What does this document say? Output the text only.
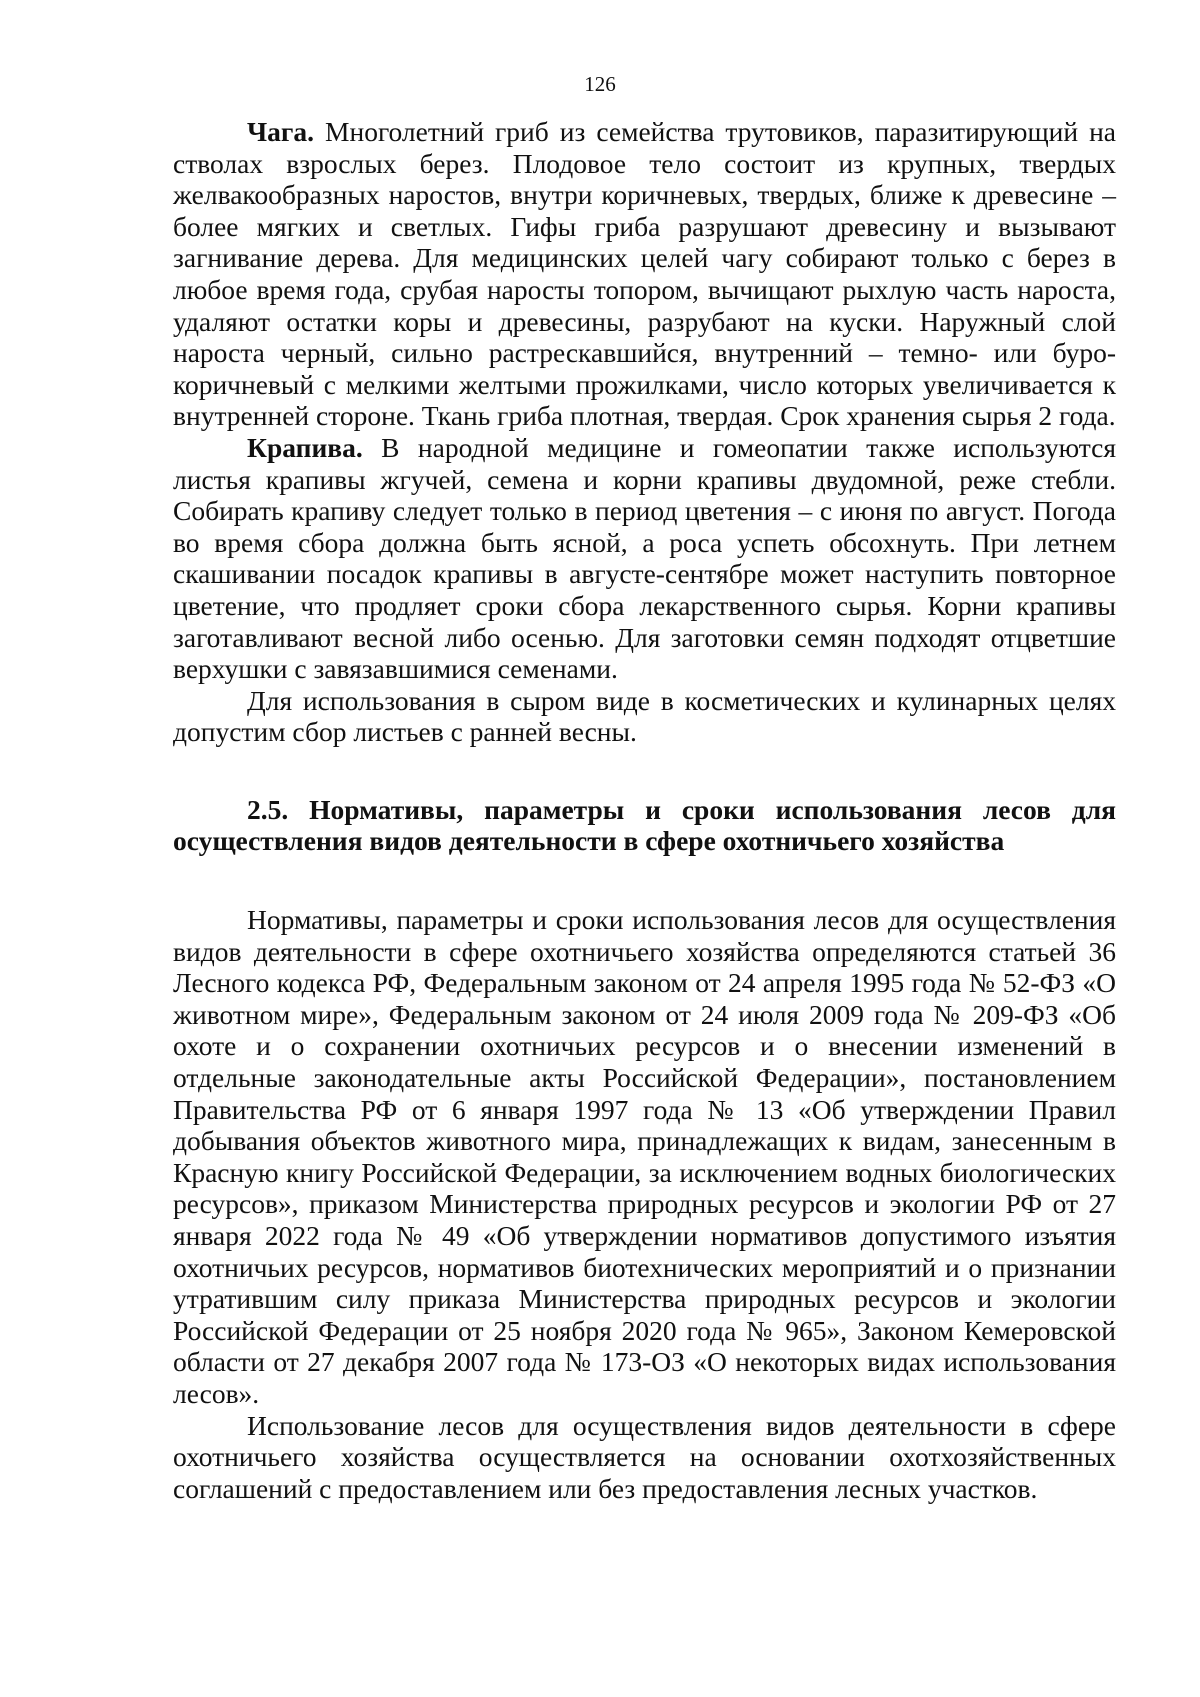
126

Чага. Многолетний гриб из семейства трутовиков, паразитирующий на стволах взрослых берез. Плодовое тело состоит из крупных, твердых желвакообразных наростов, внутри коричневых, твердых, ближе к древесине – более мягких и светлых. Гифы гриба разрушают древесину и вызывают загнивание дерева. Для медицинских целей чагу собирают только с берез в любое время года, срубая наросты топором, вычищают рыхлую часть нароста, удаляют остатки коры и древесины, разрубают на куски. Наружный слой нароста черный, сильно растрескавшийся, внутренний – темно- или буро-коричневый с мелкими желтыми прожилками, число которых увеличивается к внутренней стороне. Ткань гриба плотная, твердая. Срок хранения сырья 2 года.

Крапива. В народной медицине и гомеопатии также используются листья крапивы жгучей, семена и корни крапивы двудомной, реже стебли. Собирать крапиву следует только в период цветения – с июня по август. Погода во время сбора должна быть ясной, а роса успеть обсохнуть. При летнем скашивании посадок крапивы в августе-сентябре может наступить повторное цветение, что продляет сроки сбора лекарственного сырья. Корни крапивы заготавливают весной либо осенью. Для заготовки семян подходят отцветшие верхушки с завязавшимися семенами.

Для использования в сыром виде в косметических и кулинарных целях допустим сбор листьев с ранней весны.

2.5. Нормативы, параметры и сроки использования лесов для осуществления видов деятельности в сфере охотничьего хозяйства

Нормативы, параметры и сроки использования лесов для осуществления видов деятельности в сфере охотничьего хозяйства определяются статьей 36 Лесного кодекса РФ, Федеральным законом от 24 апреля 1995 года № 52-ФЗ «О животном мире», Федеральным законом от 24 июля 2009 года № 209-ФЗ «Об охоте и о сохранении охотничьих ресурсов и о внесении изменений в отдельные законодательные акты Российской Федерации», постановлением Правительства РФ от 6 января 1997 года № 13 «Об утверждении Правил добывания объектов животного мира, принадлежащих к видам, занесенным в Красную книгу Российской Федерации, за исключением водных биологических ресурсов», приказом Министерства природных ресурсов и экологии РФ от 27 января 2022 года № 49 «Об утверждении нормативов допустимого изъятия охотничьих ресурсов, нормативов биотехнических мероприятий и о признании утратившим силу приказа Министерства природных ресурсов и экологии Российской Федерации от 25 ноября 2020 года № 965», Законом Кемеровской области от 27 декабря 2007 года № 173-ОЗ «О некоторых видах использования лесов».

Использование лесов для осуществления видов деятельности в сфере охотничьего хозяйства осуществляется на основании охотхозяйственных соглашений с предоставлением или без предоставления лесных участков.
